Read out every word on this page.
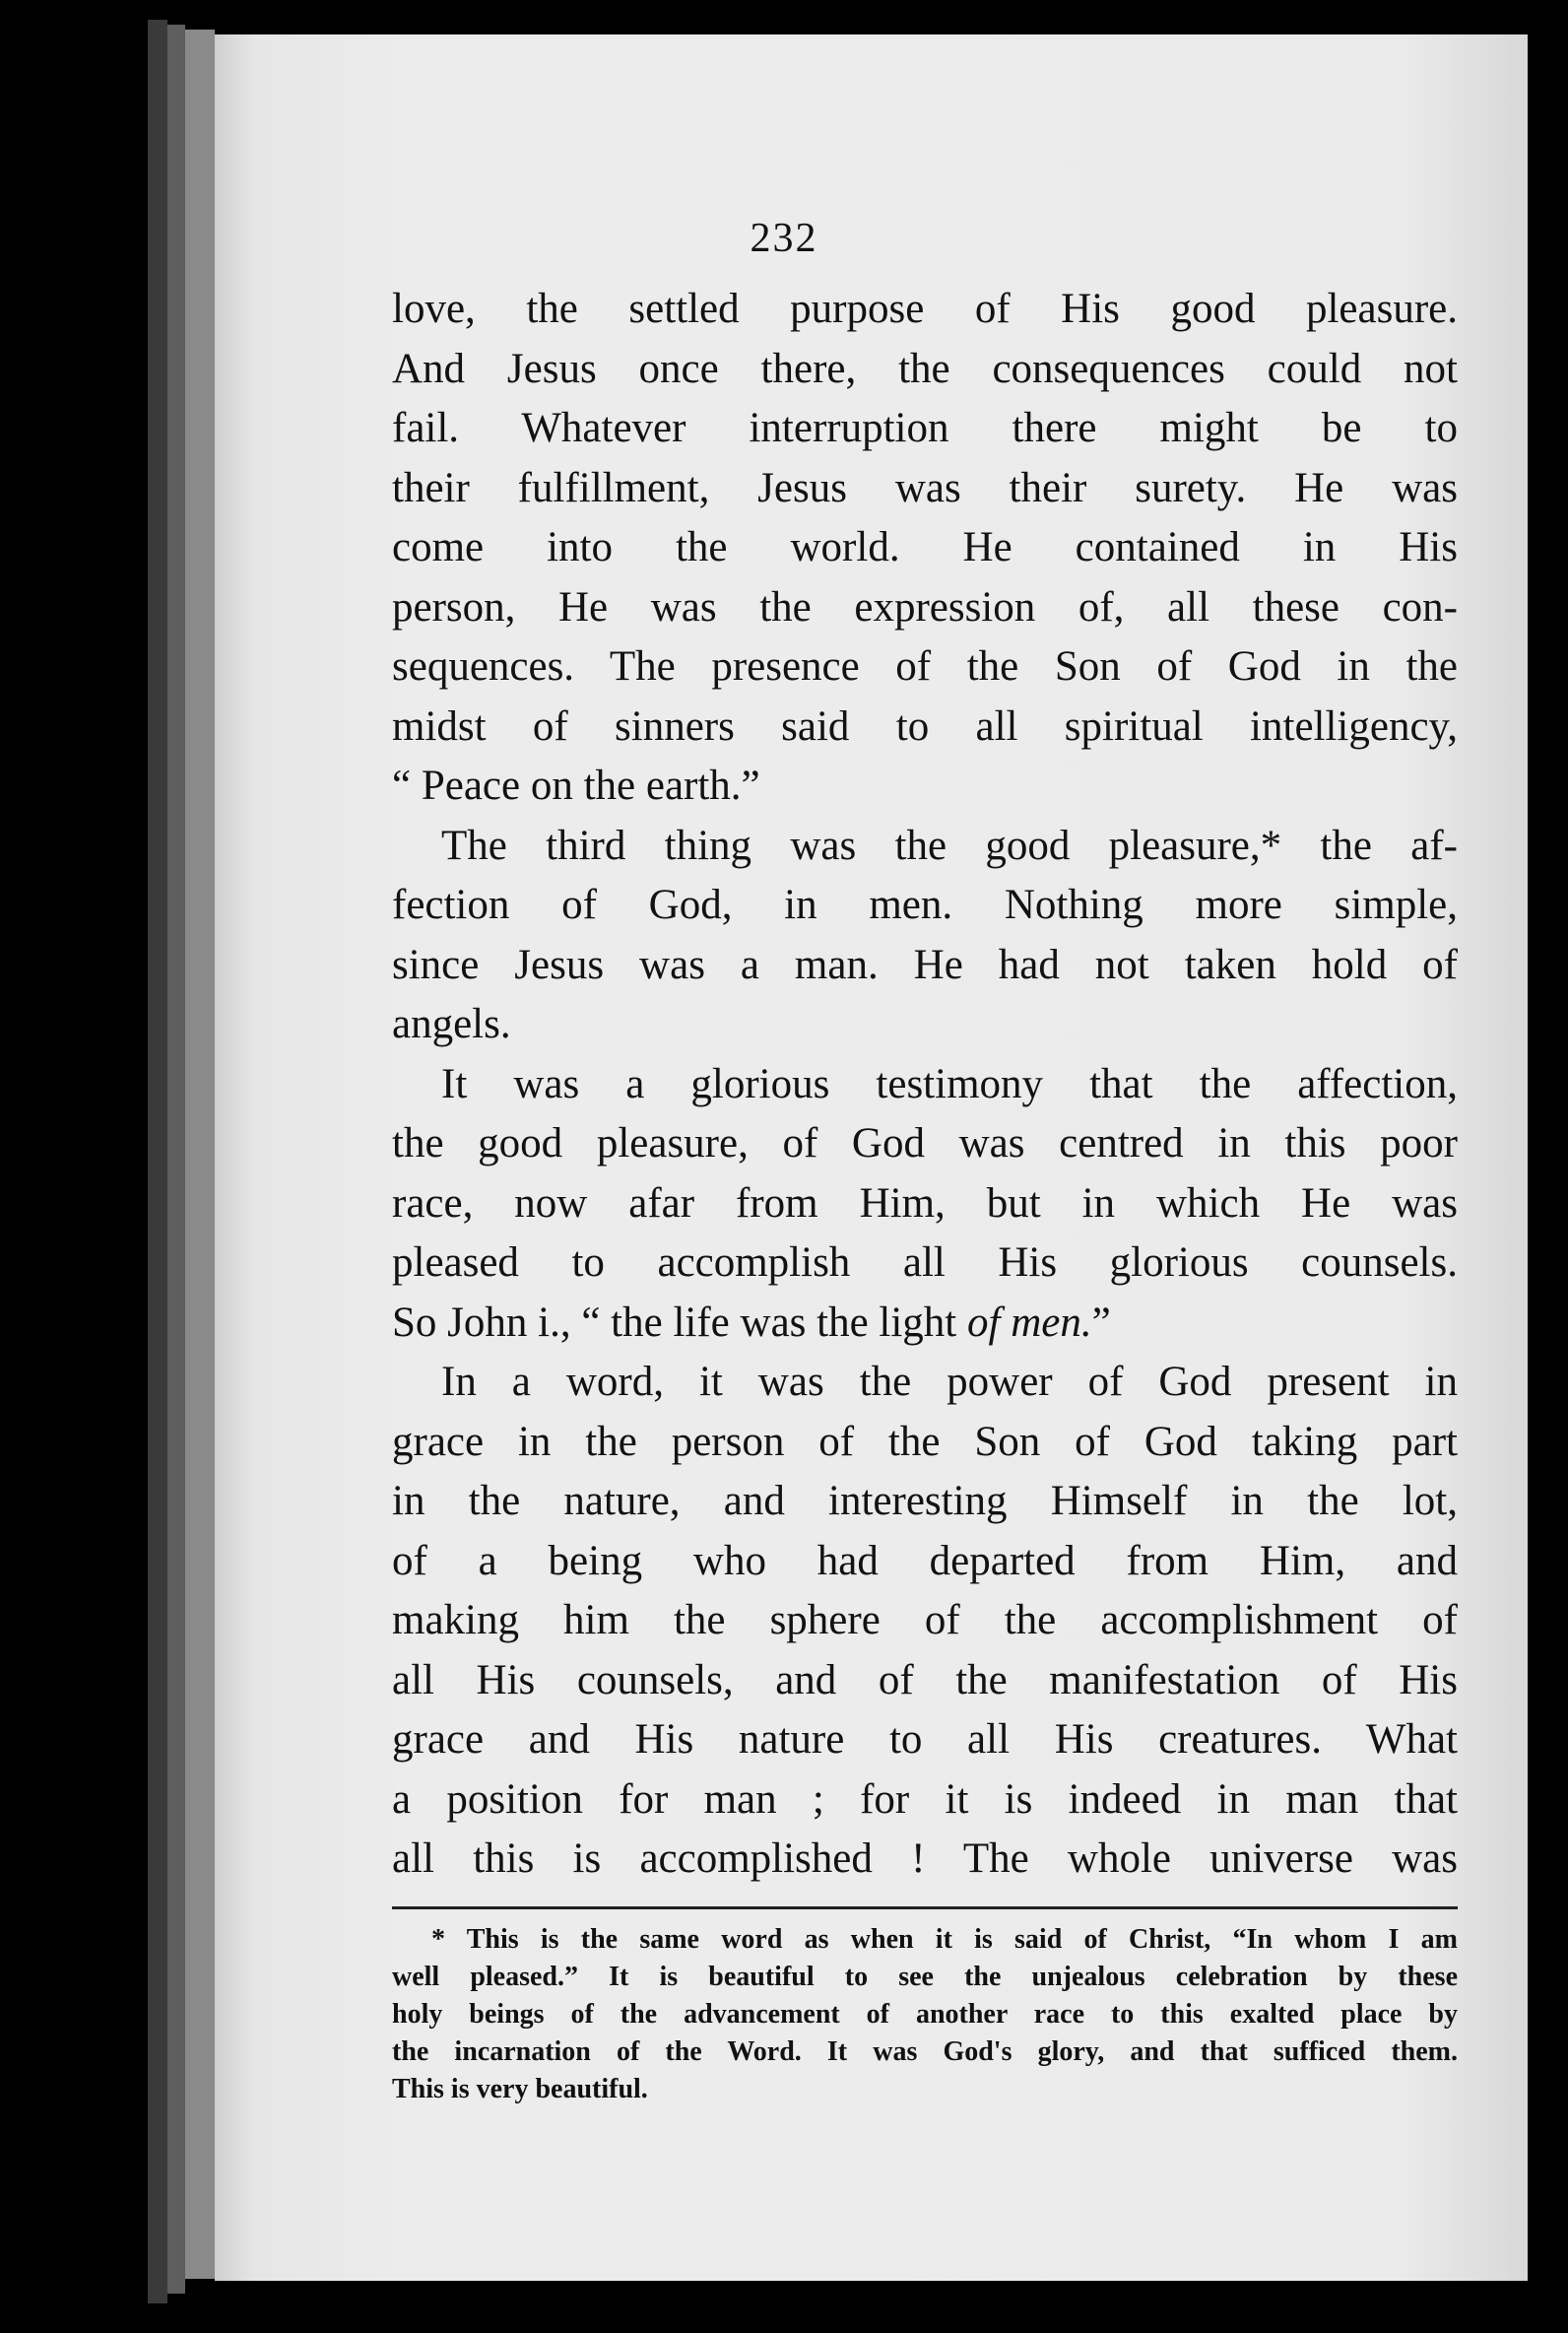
232

love, the settled purpose of His good pleasure.
And Jesus once there, the consequences could not
fail. Whatever interruption there might be to
their fulfillment, Jesus was their surety. He was
come into the world. He contained in His
person, He was the expression of, all these con-
sequences. The presence of the Son of God in the
midst of sinners said to all spiritual intelligency,
“ Peace on the earth.”

The third thing was the good pleasure,* the af-
fection of God, in men. Nothing more simple,
since Jesus was a man. He had not taken hold of
angels.

It was a glorious testimony that the affection,
the good pleasure, of God was centred in this poor
race, now afar from Him, but in which He was
pleased to accomplish all His glorious counsels.
So John i., “ the life was the light of men.”

In a word, it was the power of God present in
grace in the person of the Son of God taking part
in the nature, and interesting Himself in the lot,
of a being who had departed from Him, and
making him the sphere of the accomplishment of
all His counsels, and of the manifestation of His
grace and His nature to all His creatures. What
a position for man ; for it is indeed in man that
all this is accomplished ! The whole universe was

* This is the same word as when it is said of Christ, “In whom I am
well pleased.” It is beautiful to see the unjealous celebration by these
holy beings of the advancement of another race to this exalted place by
the incarnation of the Word. It was God's glory, and that sufficed them.
This is very beautiful.
